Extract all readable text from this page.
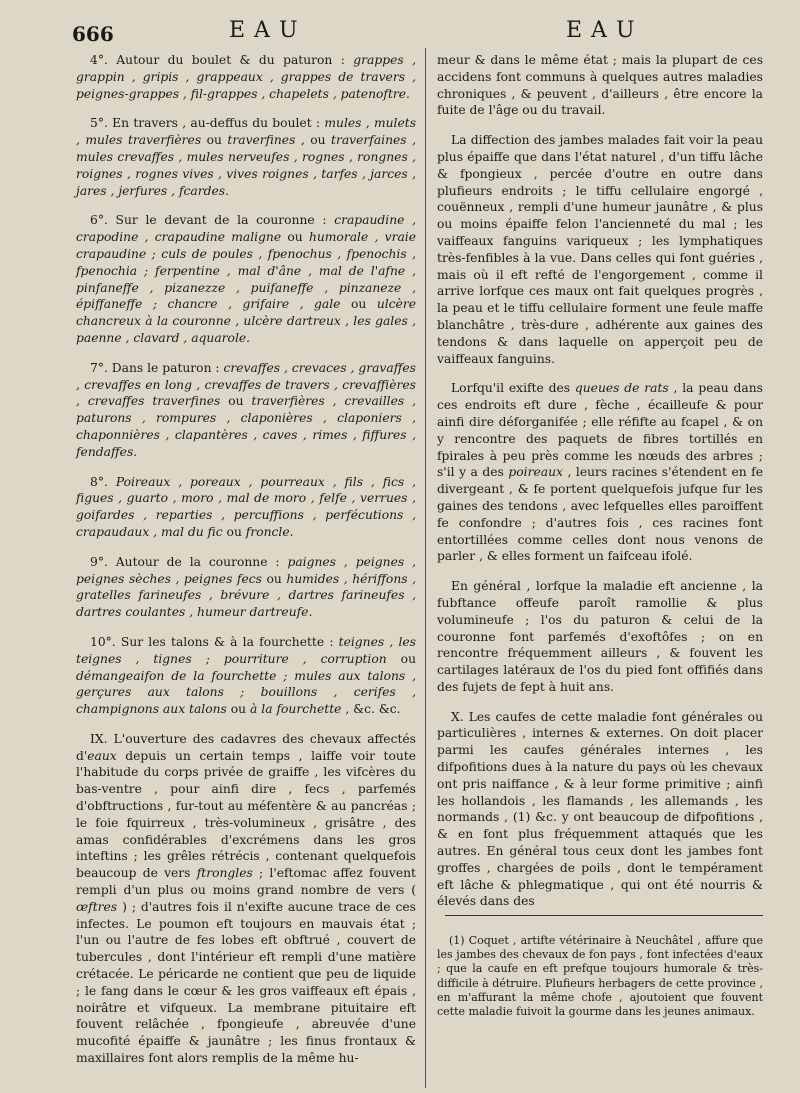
666	EAU	EAU

4°. Autour du boulet & du paturon : grappes , grappin , gripis , grappeaux , grappes de travers , peignes-grappes , fil-grappes , chapelets , patenoftre.

5°. En travers , au-deffus du boulet : mules , mulets , mules traverfières ou traverfines , ou traverfaines , mules crevaffes , mules nerveufes , rognes , rongnes , roignes , rognes vives , vives roignes , tarfes , jarces , jares , jerfures , fcardes.

6°. Sur le devant de la couronne : crapaudine , crapodine , crapaudine maligne ou humorale , vraie crapaudine ; culs de poules , fpenochus , fpenochis , fpenochia ; ferpentine , mal d'âne , mal de l'afne , pinfaneffe , pizanezze , puifaneffe , pinzaneze , épiffaneffe ; chancre , grifaire , gale ou ulcère chancreux à la couronne , ulcère dartreux , les gales , paenne , clavard , aquarole.

7°. Dans le paturon : crevaffes , crevaces , gravaffes , crevaffes en long , crevaffes de travers , crevaffières , crevaffes traverfines ou traverfières , crevailles , paturons , rompures , claponières , claponiers , chaponnières , clapantères , caves , rimes , fiffures , fendaffes.

8°. Poireaux , poreaux , pourreaux , fils , fics , figues , guarto , moro , mal de moro , felfe , verrues , goifardes , reparties , percuffions , perfécutions , crapaudaux , mal du fic ou froncle.

9°. Autour de la couronne : paignes , peignes , peignes sèches , peignes fecs ou humides , hériffons , gratelles farineufes , brévure , dartres farineufes , dartres coulantes , humeur dartreufe.

10°. Sur les talons & à la fourchette : teignes , les teignes , tignes ; pourriture , corruption ou démangeaifon de la fourchette ; mules aux talons , gerçures aux talons ; bouillons , cerifes , champignons aux talons ou à la fourchette , &c. &c.

IX. L'ouverture des cadavres des chevaux affectés d'eaux depuis un certain temps , laiffe voir toute l'habitude du corps privée de graiffe , les vifcères du bas-ventre , pour ainfi dire , fecs , parfemés d'obftructions , fur-tout au méfentère & au pancréas ; le foie fquirreux , très-volumineux , grisâtre , des amas confidérables d'excrémens dans les gros inteftins ; les grêles rétrécis , contenant quelquefois beaucoup de vers ftrongles ; l'eftomac affez fouvent rempli d'un plus ou moins grand nombre de vers ( œftres ) ; d'autres fois il n'exifte aucune trace de ces infectes. Le poumon eft toujours en mauvais état ; l'un ou l'autre de fes lobes eft obftrué , couvert de tubercules , dont l'intérieur eft rempli d'une matière crétacée. Le péricarde ne contient que peu de liquide ; le fang dans le cœur & les gros vaiffeaux eft épais , noirâtre et vifqueux. La membrane pituitaire eft fouvent relâchée , fpongieufe , abreuvée d'une mucofité épaiffe & jaunâtre ; les finus frontaux & maxillaires font alors remplis de la même hu-

meur & dans le même état ; mais la plupart de ces accidens font communs à quelques autres maladies chroniques , & peuvent , d'ailleurs , être encore la fuite de l'âge ou du travail.

La diffection des jambes malades fait voir la peau plus épaiffe que dans l'état naturel , d'un tiffu lâche & fpongieux , percée d'outre en outre dans plufieurs endroits ; le tiffu cellulaire engorgé , couënneux , rempli d'une humeur jaunâtre , & plus ou moins épaiffe felon l'ancienneté du mal ; les vaiffeaux fanguins variqueux ; les lymphatiques très-fenfibles à la vue. Dans celles qui font guéries , mais où il eft refté de l'engorgement , comme il arrive lorfque ces maux ont fait quelques progrès , la peau et le tiffu cellulaire forment une feule maffe blanchâtre , très-dure , adhérente aux gaines des tendons & dans laquelle on apperçoit peu de vaiffeaux fanguins.

Lorfqu'il exifte des queues de rats , la peau dans ces endroits eft dure , fèche , écailleufe & pour ainfi dire déforganifée ; elle réfifte au fcapel , & on y rencontre des paquets de fibres tortillés en fpirales à peu près comme les nœuds des arbres ; s'il y a des poireaux , leurs racines s'étendent en fe divergeant , & fe portent quelquefois jufque fur les gaines des tendons , avec lefquelles elles paroiffent fe confondre ; d'autres fois , ces racines font entortillées comme celles dont nous venons de parler , & elles forment un faifceau ifolé.

En général , lorfque la maladie eft ancienne , la fubftance offeufe paroît ramollie & plus volumineufe ; l'os du paturon & celui de la couronne font parfemés d'exoftôfes ; on en rencontre fréquemment ailleurs , & fouvent les cartilages latéraux de l'os du pied font offifiés dans des fujets de fept à huit ans.

X. Les caufes de cette maladie font générales ou particulières , internes & externes. On doit placer parmi les caufes générales internes , les difpofitions dues à la nature du pays où les chevaux ont pris naiffance , & à leur forme primitive ; ainfi les hollandois , les flamands , les allemands , les normands , (1) &c. y ont beaucoup de difpofitions , & en font plus fréquemment attaqués que les autres. En général tous ceux dont les jambes font groffes , chargées de poils , dont le tempérament eft lâche & phlegmatique , qui ont été nourris & élevés dans des

(1) Coquet , artifte vétérinaire à Neuchâtel , affure que les jambes des chevaux de fon pays , font infectées d'eaux ; que la caufe en eft prefque toujours humorale & très-difficile à détruire. Plufieurs herbagers de cette province , en m'affurant la même chofe , ajoutoient que fouvent cette maladie fuivoit la gourme dans les jeunes animaux.
